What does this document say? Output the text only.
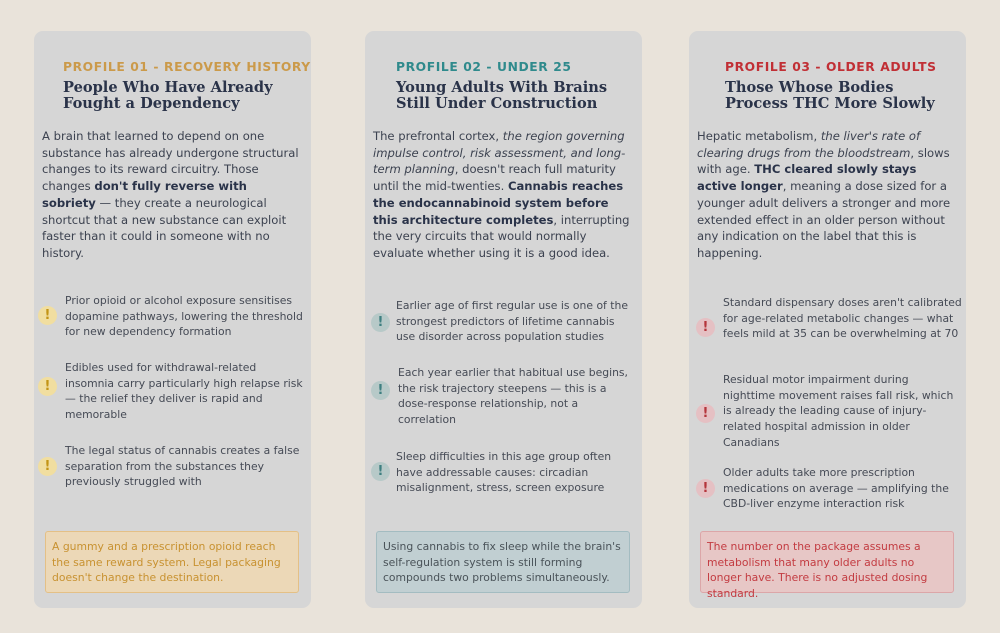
PROFILE 01 - RECOVERY HISTORY
People Who Have Already Fought a Dependency
A brain that learned to depend on one substance has already undergone structural changes to its reward circuitry. Those changes don't fully reverse with sobriety — they create a neurological shortcut that a new substance can exploit faster than it could in someone with no history.
!
Prior opioid or alcohol exposure sensitises dopamine pathways, lowering the threshold for new dependency formation
!
Edibles used for withdrawal-related insomnia carry particularly high relapse risk — the relief they deliver is rapid and memorable
!
The legal status of cannabis creates a false separation from the substances they previously struggled with
A gummy and a prescription opioid reach the same reward system. Legal packaging doesn't change the destination.
PROFILE 02 - UNDER 25
Young Adults With Brains Still Under Construction
The prefrontal cortex, the region governing impulse control, risk assessment, and long-term planning, doesn't reach full maturity until the mid-twenties. Cannabis reaches the endocannabinoid system before this architecture completes, interrupting the very circuits that would normally evaluate whether using it is a good idea.
!
Earlier age of first regular use is one of the strongest predictors of lifetime cannabis use disorder across population studies
!
Each year earlier that habitual use begins, the risk trajectory steepens — this is a dose-response relationship, not a correlation
!
Sleep difficulties in this age group often have addressable causes: circadian misalignment, stress, screen exposure
Using cannabis to fix sleep while the brain's self-regulation system is still forming compounds two problems simultaneously.
PROFILE 03 - OLDER ADULTS
Those Whose Bodies Process THC More Slowly
Hepatic metabolism, the liver's rate of clearing drugs from the bloodstream, slows with age. THC cleared slowly stays active longer, meaning a dose sized for a younger adult delivers a stronger and more extended effect in an older person without any indication on the label that this is happening.
!
Standard dispensary doses aren't calibrated for age-related metabolic changes — what feels mild at 35 can be overwhelming at 70
!
Residual motor impairment during nighttime movement raises fall risk, which is already the leading cause of injury-related hospital admission in older Canadians
!
Older adults take more prescription medications on average — amplifying the CBD-liver enzyme interaction risk
The number on the package assumes a metabolism that many older adults no longer have. There is no adjusted dosing standard.
